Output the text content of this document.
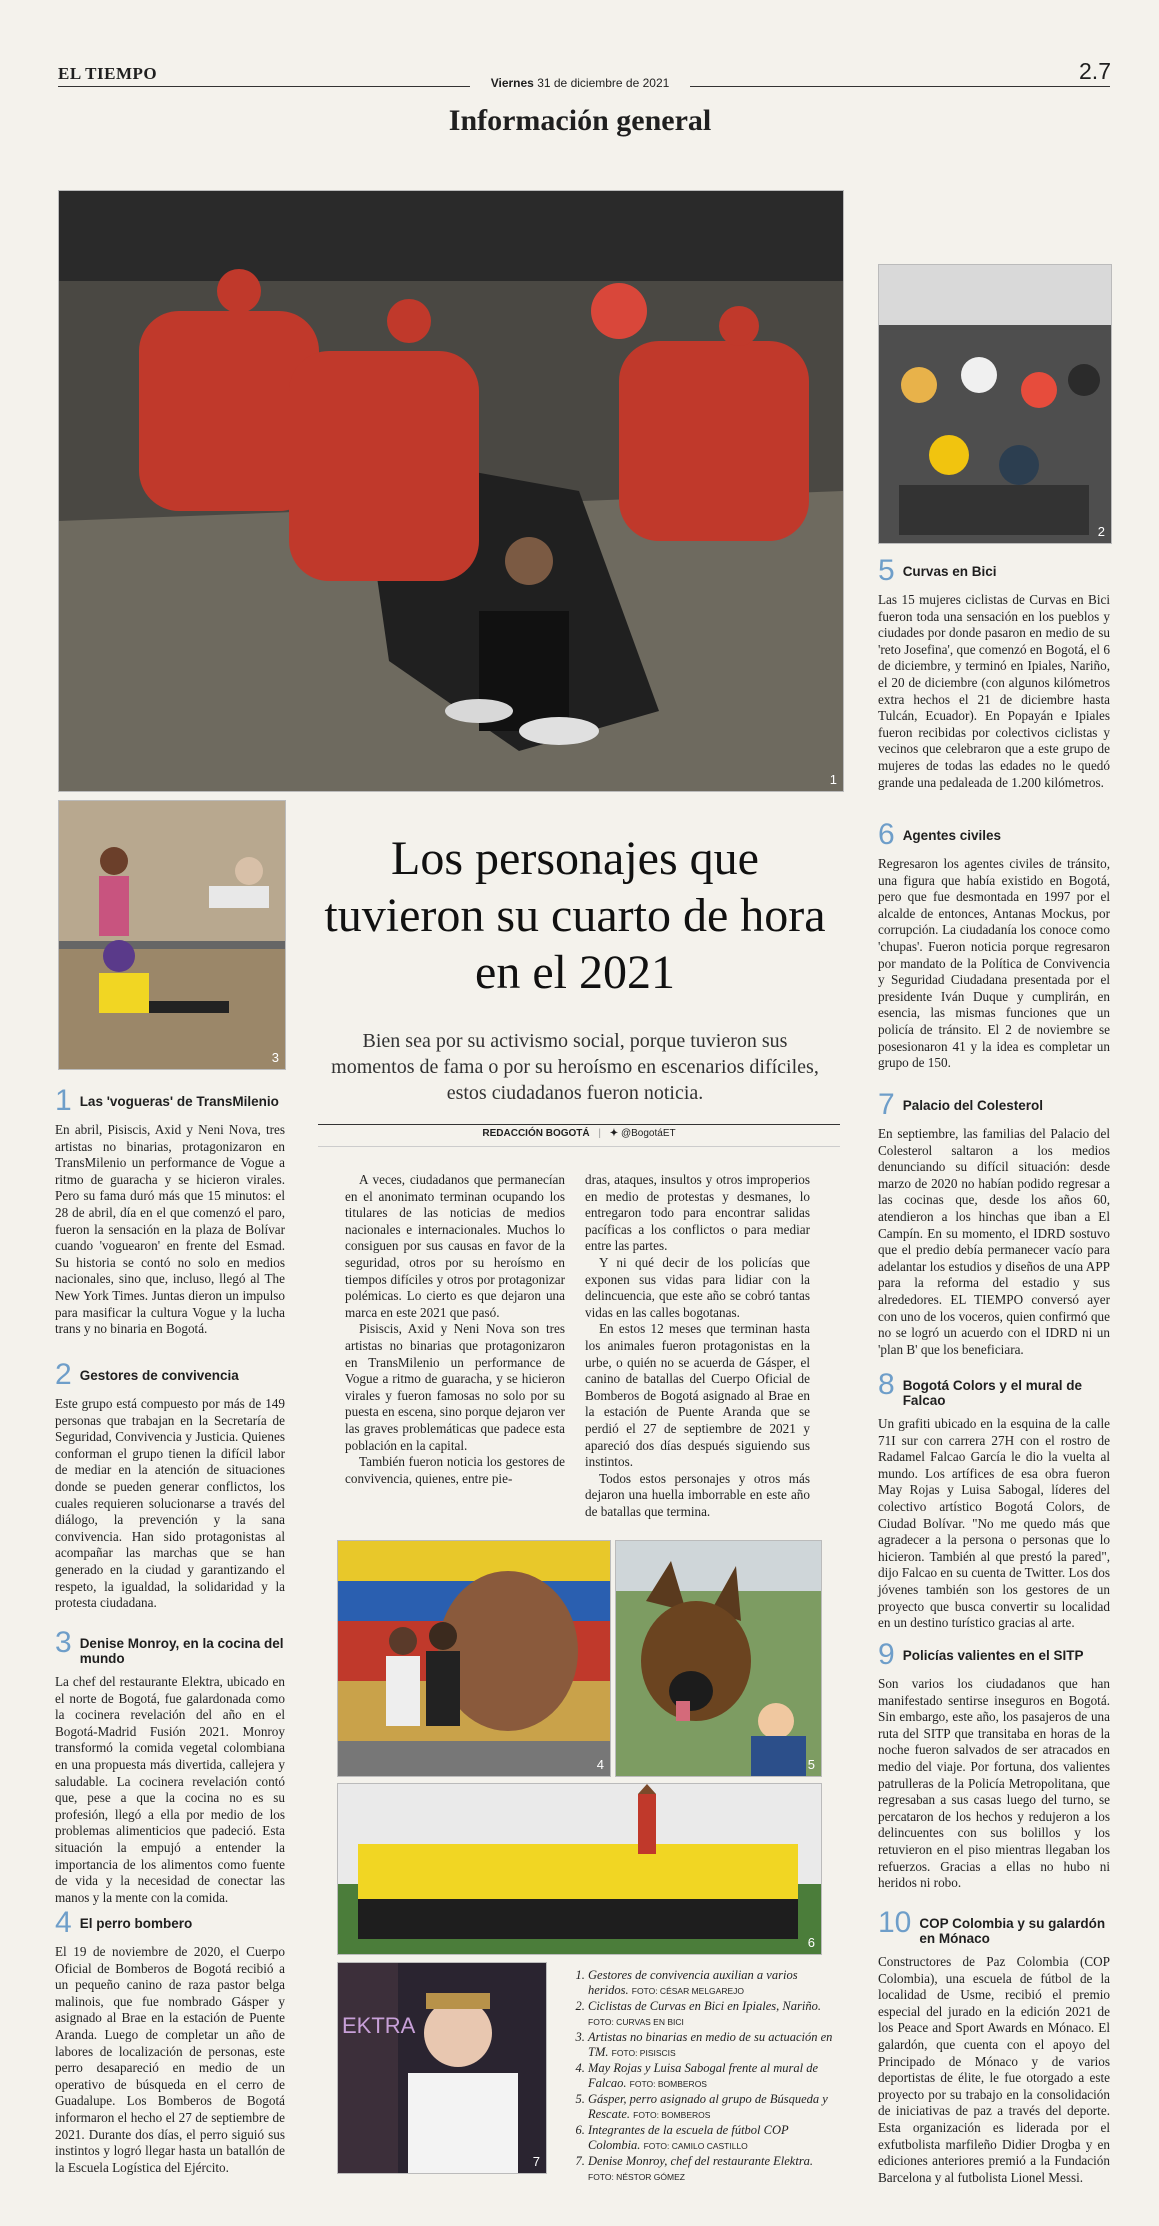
EL TIEMPO	Viernes 31 de diciembre de 2021	2.7
Información general
1
2
3
Los personajes que tuvieron su cuarto de hora en el 2021
Bien sea por su activismo social, porque tuvieron sus momentos de fama o por su heroísmo en escenarios difíciles, estos ciudadanos fueron noticia.
REDACCIÓN BOGOTÁ | ✦ @BogotáET

A veces, ciudadanos que permanecían en el anonimato terminan ocupando los titulares de las noticias de medios nacionales e internacionales. Muchos lo consiguen por sus causas en favor de la seguridad, otros por su heroísmo en tiempos difíciles y otros por protagonizar polémicas. Lo cierto es que dejaron una marca en este 2021 que pasó.

Pisiscis, Axid y Neni Nova son tres artistas no binarias que protagonizaron en TransMilenio un performance de Vogue a ritmo de guaracha, y se hicieron virales y fueron famosas no solo por su puesta en escena, sino porque dejaron ver las graves problemáticas que padece esta población en la capital.

También fueron noticia los gestores de convivencia, quienes, entre pie-

dras, ataques, insultos y otros improperios en medio de protestas y desmanes, lo entregaron todo para encontrar salidas pacíficas a los conflictos o para mediar entre las partes.

Y ni qué decir de los policías que exponen sus vidas para lidiar con la delincuencia, que este año se cobró tantas vidas en las calles bogotanas.

En estos 12 meses que terminan hasta los animales fueron protagonistas en la urbe, o quién no se acuerda de Gásper, el canino de batallas del Cuerpo Oficial de Bomberos de Bogotá asignado al Brae en la estación de Puente Aranda que se perdió el 27 de septiembre de 2021 y apareció dos días después siguiendo sus instintos.

Todos estos personajes y otros más dejaron una huella imborrable en este año de batallas que termina.

4	5
6
EKTRA
7
1. Gestores de convivencia auxilian a varios heridos. FOTO: CÉSAR MELGAREJO
2. Ciclistas de Curvas en Bici en Ipiales, Nariño. FOTO: CURVAS EN BICI
3. Artistas no binarias en medio de su actuación en TM. FOTO: PISISCIS
4. May Rojas y Luisa Sabogal frente al mural de Falcao. FOTO: BOMBEROS
5. Gásper, perro asignado al grupo de Búsqueda y Rescate. FOTO: BOMBEROS
6. Integrantes de la escuela de fútbol COP Colombia. FOTO: CAMILO CASTILLO
7. Denise Monroy, chef del restaurante Elektra. FOTO: NÉSTOR GÓMEZ
1 Las 'vogueras' de TransMilenio

En abril, Pisiscis, Axid y Neni Nova, tres artistas no binarias, protagonizaron en TransMilenio un performance de Vogue a ritmo de guaracha y se hicieron virales. Pero su fama duró más que 15 minutos: el 28 de abril, día en el que comenzó el paro, fueron la sensación en la plaza de Bolívar cuando 'voguearon' en frente del Esmad. Su historia se contó no solo en medios nacionales, sino que, incluso, llegó al The New York Times. Juntas dieron un impulso para masificar la cultura Vogue y la lucha trans y no binaria en Bogotá.

2 Gestores de convivencia

Este grupo está compuesto por más de 149 personas que trabajan en la Secretaría de Seguridad, Convivencia y Justicia. Quienes conforman el grupo tienen la difícil labor de mediar en la atención de situaciones donde se pueden generar conflictos, los cuales requieren solucionarse a través del diálogo, la prevención y la sana convivencia. Han sido protagonistas al acompañar las marchas que se han generado en la ciudad y garantizando el respeto, la igualdad, la solidaridad y la protesta ciudadana.

3 Denise Monroy, en la cocina del mundo

La chef del restaurante Elektra, ubicado en el norte de Bogotá, fue galardonada como la cocinera revelación del año en el Bogotá-Madrid Fusión 2021. Monroy transformó la comida vegetal colombiana en una propuesta más divertida, callejera y saludable. La cocinera revelación contó que, pese a que la cocina no es su profesión, llegó a ella por medio de los problemas alimenticios que padeció. Esta situación la empujó a entender la importancia de los alimentos como fuente de vida y la necesidad de conectar las manos y la mente con la comida.

4 El perro bombero

El 19 de noviembre de 2020, el Cuerpo Oficial de Bomberos de Bogotá recibió a un pequeño canino de raza pastor belga malinois, que fue nombrado Gásper y asignado al Brae en la estación de Puente Aranda. Luego de completar un año de labores de localización de personas, este perro desapareció en medio de un operativo de búsqueda en el cerro de Guadalupe. Los Bomberos de Bogotá informaron el hecho el 27 de septiembre de 2021. Durante dos días, el perro siguió sus instintos y logró llegar hasta un batallón de la Escuela Logística del Ejército.

5 Curvas en Bici

Las 15 mujeres ciclistas de Curvas en Bici fueron toda una sensación en los pueblos y ciudades por donde pasaron en medio de su 'reto Josefina', que comenzó en Bogotá, el 6 de diciembre, y terminó en Ipiales, Nariño, el 20 de diciembre (con algunos kilómetros extra hechos el 21 de diciembre hasta Tulcán, Ecuador). En Popayán e Ipiales fueron recibidas por colectivos ciclistas y vecinos que celebraron que a este grupo de mujeres de todas las edades no le quedó grande una pedaleada de 1.200 kilómetros.

6 Agentes civiles

Regresaron los agentes civiles de tránsito, una figura que había existido en Bogotá, pero que fue desmontada en 1997 por el alcalde de entonces, Antanas Mockus, por corrupción. La ciudadanía los conoce como 'chupas'. Fueron noticia porque regresaron por mandato de la Política de Convivencia y Seguridad Ciudadana presentada por el presidente Iván Duque y cumplirán, en esencia, las mismas funciones que un policía de tránsito. El 2 de noviembre se posesionaron 41 y la idea es completar un grupo de 150.

7 Palacio del Colesterol

En septiembre, las familias del Palacio del Colesterol saltaron a los medios denunciando su difícil situación: desde marzo de 2020 no habían podido regresar a las cocinas que, desde los años 60, atendieron a los hinchas que iban a El Campín. En su momento, el IDRD sostuvo que el predio debía permanecer vacío para adelantar los estudios y diseños de una APP para la reforma del estadio y sus alrededores. EL TIEMPO conversó ayer con uno de los voceros, quien confirmó que no se logró un acuerdo con el IDRD ni un 'plan B' que los beneficiara.

8 Bogotá Colors y el mural de Falcao

Un grafiti ubicado en la esquina de la calle 71I sur con carrera 27H con el rostro de Radamel Falcao García le dio la vuelta al mundo. Los artífices de esa obra fueron May Rojas y Luisa Sabogal, líderes del colectivo artístico Bogotá Colors, de Ciudad Bolívar. "No me quedo más que agradecer a la persona o personas que lo hicieron. También al que prestó la pared", dijo Falcao en su cuenta de Twitter. Los dos jóvenes también son los gestores de un proyecto que busca convertir su localidad en un destino turístico gracias al arte.

9 Policías valientes en el SITP

Son varios los ciudadanos que han manifestado sentirse inseguros en Bogotá. Sin embargo, este año, los pasajeros de una ruta del SITP que transitaba en horas de la noche fueron salvados de ser atracados en medio del viaje. Por fortuna, dos valientes patrulleras de la Policía Metropolitana, que regresaban a sus casas luego del turno, se percataron de los hechos y redujeron a los delincuentes con sus bolillos y los retuvieron en el piso mientras llegaban los refuerzos. Gracias a ellas no hubo ni heridos ni robo.

10 COP Colombia y su galardón en Mónaco

Constructores de Paz Colombia (COP Colombia), una escuela de fútbol de la localidad de Usme, recibió el premio especial del jurado en la edición 2021 de los Peace and Sport Awards en Mónaco. El galardón, que cuenta con el apoyo del Principado de Mónaco y de varios deportistas de élite, le fue otorgado a este proyecto por su trabajo en la consolidación de iniciativas de paz a través del deporte. Esta organización es liderada por el exfutbolista marfileño Didier Drogba y en ediciones anteriores premió a la Fundación Barcelona y al futbolista Lionel Messi.
